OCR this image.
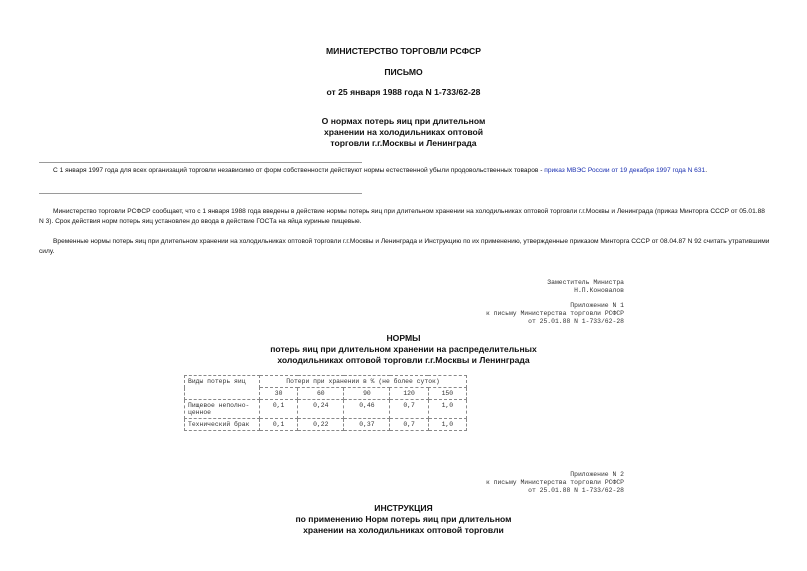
МИНИСТЕРСТВО ТОРГОВЛИ РСФСР
ПИСЬМО
от 25 января 1988 года N 1-733/62-28
О нормах потерь яиц при длительном
хранении на холодильниках оптовой
торговли г.г.Москвы и Ленинграда
С 1 января 1997 года для всех организаций торговли независимо от форм собственности действуют нормы естественной убыли продовольственных товаров - приказ МВЭС России от 19 декабря 1997 года N 631.
Министерство торговли РСФСР сообщает, что с 1 января 1988 года введены в действие нормы потерь яиц при длительном хранении на холодильниках оптовой торговли г.г.Москвы и Ленинграда (приказ Минторга СССР от 05.01.88 N 3). Срок действия норм потерь яиц установлен до ввода в действие ГОСТа на яйца куриные пищевые.
Временные нормы потерь яиц при длительном хранении на холодильниках оптовой торговли г.г.Москвы и Ленинграда и Инструкцию по их применению, утвержденные приказом Минторга СССР от 08.04.87 N 92 считать утратившими силу.
Заместитель Министра
Н.П.Коновалов
Приложение N 1
к письму Министерства торговли РСФСР
от 25.01.88 N 1-733/62-28
НОРМЫ
потерь яиц при длительном хранении на распределительных
холодильниках оптовой торговли г.г.Москвы и Ленинграда
Виды потерь яиц	Потери при хранении в % (не более суток)				
	30	60	90	120	150
Пищевое неполно-ценное	0,1	0,24	0,46	0,7	1,0
Технический брак	0,1	0,22	0,37	0,7	1,0
Приложение N 2
к письму Министерства торговли РСФСР
от 25.01.88 N 1-733/62-28
ИНСТРУКЦИЯ
по применению Норм потерь яиц при длительном
хранении на холодильниках оптовой торговли
